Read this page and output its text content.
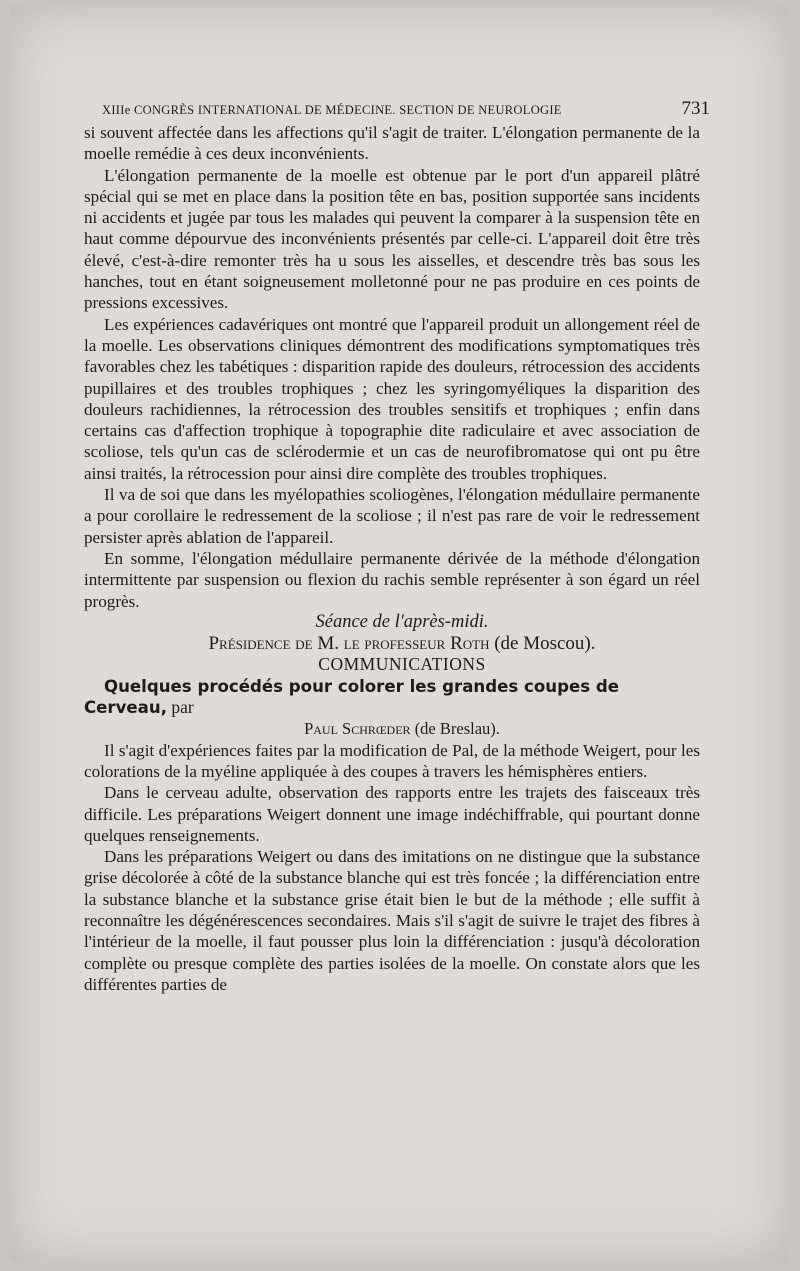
XIIIe CONGRÈS INTERNATIONAL DE MÉDECINE. SECTION DE NEUROLOGIE	731

si souvent affectée dans les affections qu'il s'agit de traiter. L'élongation permanente de la moelle remédie à ces deux inconvénients.

L'élongation permanente de la moelle est obtenue par le port d'un appareil plâtré spécial qui se met en place dans la position tête en bas, position supportée sans incidents ni accidents et jugée par tous les malades qui peuvent la comparer à la suspension tête en haut comme dépourvue des inconvénients présentés par celle-ci. L'appareil doit être très élevé, c'est-à-dire remonter très ha u sous les aisselles, et descendre très bas sous les hanches, tout en étant soigneusement molletonné pour ne pas produire en ces points de pressions excessives.

Les expériences cadavériques ont montré que l'appareil produit un allongement réel de la moelle. Les observations cliniques démontrent des modifications symptomatiques très favorables chez les tabétiques : disparition rapide des douleurs, rétrocession des accidents pupillaires et des troubles trophiques ; chez les syringomyéliques la disparition des douleurs rachidiennes, la rétrocession des troubles sensitifs et trophiques ; enfin dans certains cas d'affection trophique à topographie dite radiculaire et avec association de scoliose, tels qu'un cas de sclérodermie et un cas de neurofibromatose qui ont pu être ainsi traités, la rétrocession pour ainsi dire complète des troubles trophiques.

Il va de soi que dans les myélopathies scoliogènes, l'élongation médullaire permanente a pour corollaire le redressement de la scoliose ; il n'est pas rare de voir le redressement persister après ablation de l'appareil.

En somme, l'élongation médullaire permanente dérivée de la méthode d'élongation intermittente par suspension ou flexion du rachis semble représenter à son égard un réel progrès.

Séance de l'après-midi.

Présidence de M. le professeur Roth (de Moscou).

COMMUNICATIONS

Quelques procédés pour colorer les grandes coupes de Cerveau, par

Paul Schrœder (de Breslau).

Il s'agit d'expériences faites par la modification de Pal, de la méthode Weigert, pour les colorations de la myéline appliquée à des coupes à travers les hémisphères entiers.

Dans le cerveau adulte, observation des rapports entre les trajets des faisceaux très difficile. Les préparations Weigert donnent une image indéchiffrable, qui pourtant donne quelques renseignements.

Dans les préparations Weigert ou dans des imitations on ne distingue que la substance grise décolorée à côté de la substance blanche qui est très foncée ; la différenciation entre la substance blanche et la substance grise était bien le but de la méthode ; elle suffit à reconnaître les dégénérescences secondaires. Mais s'il s'agit de suivre le trajet des fibres à l'intérieur de la moelle, il faut pousser plus loin la différenciation : jusqu'à décoloration complète ou presque complète des parties isolées de la moelle. On constate alors que les différentes parties de
